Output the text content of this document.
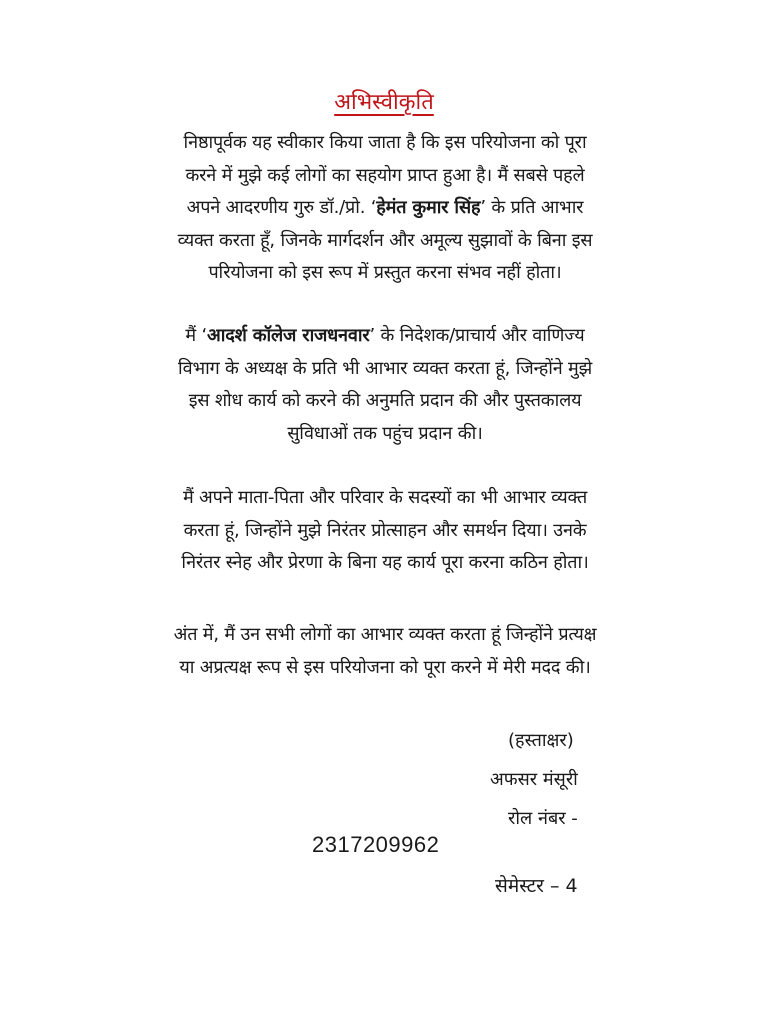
अभिस्वीकृति
निष्ठापूर्वक यह स्वीकार किया जाता है कि इस परियोजना को पूरा
करने में मुझे कई लोगों का सहयोग प्राप्त हुआ है। मैं सबसे पहले
अपने आदरणीय गुरु डॉ./प्रो. ‘हेमंत कुमार सिंह’ के प्रति आभार
व्यक्त करता हूँ, जिनके मार्गदर्शन और अमूल्य सुझावों के बिना इस
परियोजना को इस रूप में प्रस्तुत करना संभव नहीं होता।
मैं ‘आदर्श कॉलेज राजधनवार’ के निदेशक/प्राचार्य और वाणिज्य
विभाग के अध्यक्ष के प्रति भी आभार व्यक्त करता हूं, जिन्होंने मुझे
इस शोध कार्य को करने की अनुमति प्रदान की और पुस्तकालय
सुविधाओं तक पहुंच प्रदान की।
मैं अपने माता-पिता और परिवार के सदस्यों का भी आभार व्यक्त
करता हूं, जिन्होंने मुझे निरंतर प्रोत्साहन और समर्थन दिया। उनके
निरंतर स्नेह और प्रेरणा के बिना यह कार्य पूरा करना कठिन होता।
अंत में, मैं उन सभी लोगों का आभार व्यक्त करता हूं जिन्होंने प्रत्यक्ष
या अप्रत्यक्ष रूप से इस परियोजना को पूरा करने में मेरी मदद की।
(हस्ताक्षर)
अफसर मंसूरी
रोल नंबर -
2317209962
सेमेस्टर – 4
